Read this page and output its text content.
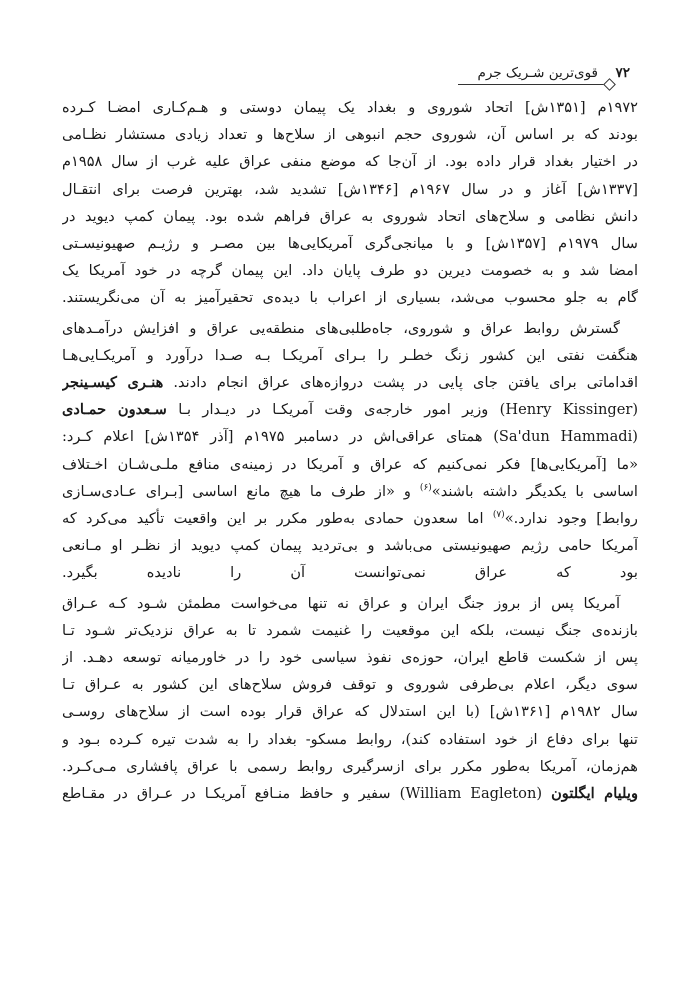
۷۲
قوی‌ترین شـریک جرم

۱۹۷۲م [۱۳۵۱ش] اتحاد شوروی و بغداد یک پیمان دوستی و هـم‌کـاری امضـا کـرده
بودند که بر اساس آن، شوروی حجم انبوهی از سلاح‌ها و تعداد زیادی مستشار نظـامی
در اختیار بغداد قرار داده بود. از آن‌جا که موضع منفی عراق علیه غرب از سال ۱۹۵۸م
[۱۳۳۷ش] آغاز و در سال ۱۹۶۷م [۱۳۴۶ش] تشدید شد، بهترین فرصت برای انتقـال
دانش نظامی و سلاح‌های اتحاد شوروی به عراق فراهم شده بود. پیمان کمپ دیوید در
سال ۱۹۷۹م [۱۳۵۷ش] و با میانجی‌گری آمریکایی‌ها بین مصـر و رژیـم صهیونیسـتی
امضا شد و به خصومت دیرین دو طرف پایان داد. این پیمان گرچه در خود آمریکا یک
گام به جلو محسوب می‌شد، بسیاری از اعراب با دیده‌ی تحقیرآمیز به آن می‌نگریستند.

گسترش روابط عراق و شوروی، جاه‌طلبی‌های منطقه‌یی عراق و افزایش درآمـدهای
هنگفت نفتی این کشور زنگ خطـر را بـرای آمریکـا بـه صـدا درآورد و آمریکـایی‌هـا
اقداماتی برای یافتن جای پایی در پشت دروازه‌های عراق انجام دادند. هنـری کیسـینجر
(Henry Kissinger) وزیر امور خارجه‌ی وقت آمریکـا در دیـدار بـا سـعدون حمـادی
(Sa'dun Hammadi) همتای عراقی‌اش در دسامبر ۱۹۷۵م [آذر ۱۳۵۴ش] اعلام کـرد:
«ما [آمریکایی‌ها] فکر نمی‌کنیم که عراق و آمریکا در زمینه‌ی منافع ملـی‌شـان اخـتلاف
اساسی با یکدیگر داشته باشند»$^{(۶)}$ و «از طرف ما هیچ مانع اساسی [بـرای عـادی‌سـازی
روابط] وجود ندارد.»$^{(۷)}$ اما سعدون حمادی به‌طور مکرر بر این واقعیت تأکید می‌کرد که
آمریکا حامی رژیم صهیونیستی می‌باشد و بی‌تردید پیمان کمپ دیوید از نظـر او مـانعی
بود که عراق نمی‌توانست آن را نادیده بگیرد.

آمریکا پس از بروز جنگ ایران و عراق نه تنها می‌خواست مطمئن شـود کـه عـراق
بازنده‌ی جنگ نیست، بلکه این موقعیت را غنیمت شمرد تا به عراق نزدیک‌تر شـود تـا
پس از شکست قاطع ایران، حوزه‌ی نفوذ سیاسی خود را در خاورمیانه توسعه دهـد. از
سوی دیگر، اعلام بی‌طرفی شوروی و توقف فروش سلاح‌های این کشور به عـراق تـا
سال ۱۹۸۲م [۱۳۶۱ش] (با این استدلال که عراق قرار بوده است از سلاح‌های روسـی
تنها برای دفاع از خود استفاده کند)، روابط مسکو- بغداد را به شدت تیره کـرده بـود و
هم‌زمان، آمریکا به‌طور مکرر برای ازسرگیری روابط رسمی با عراق پافشاری مـی‌کـرد.
ویلیام ایگلتون (William Eagleton) سفیر و حافظ منـافع آمریکـا در عـراق در مقـاطع
